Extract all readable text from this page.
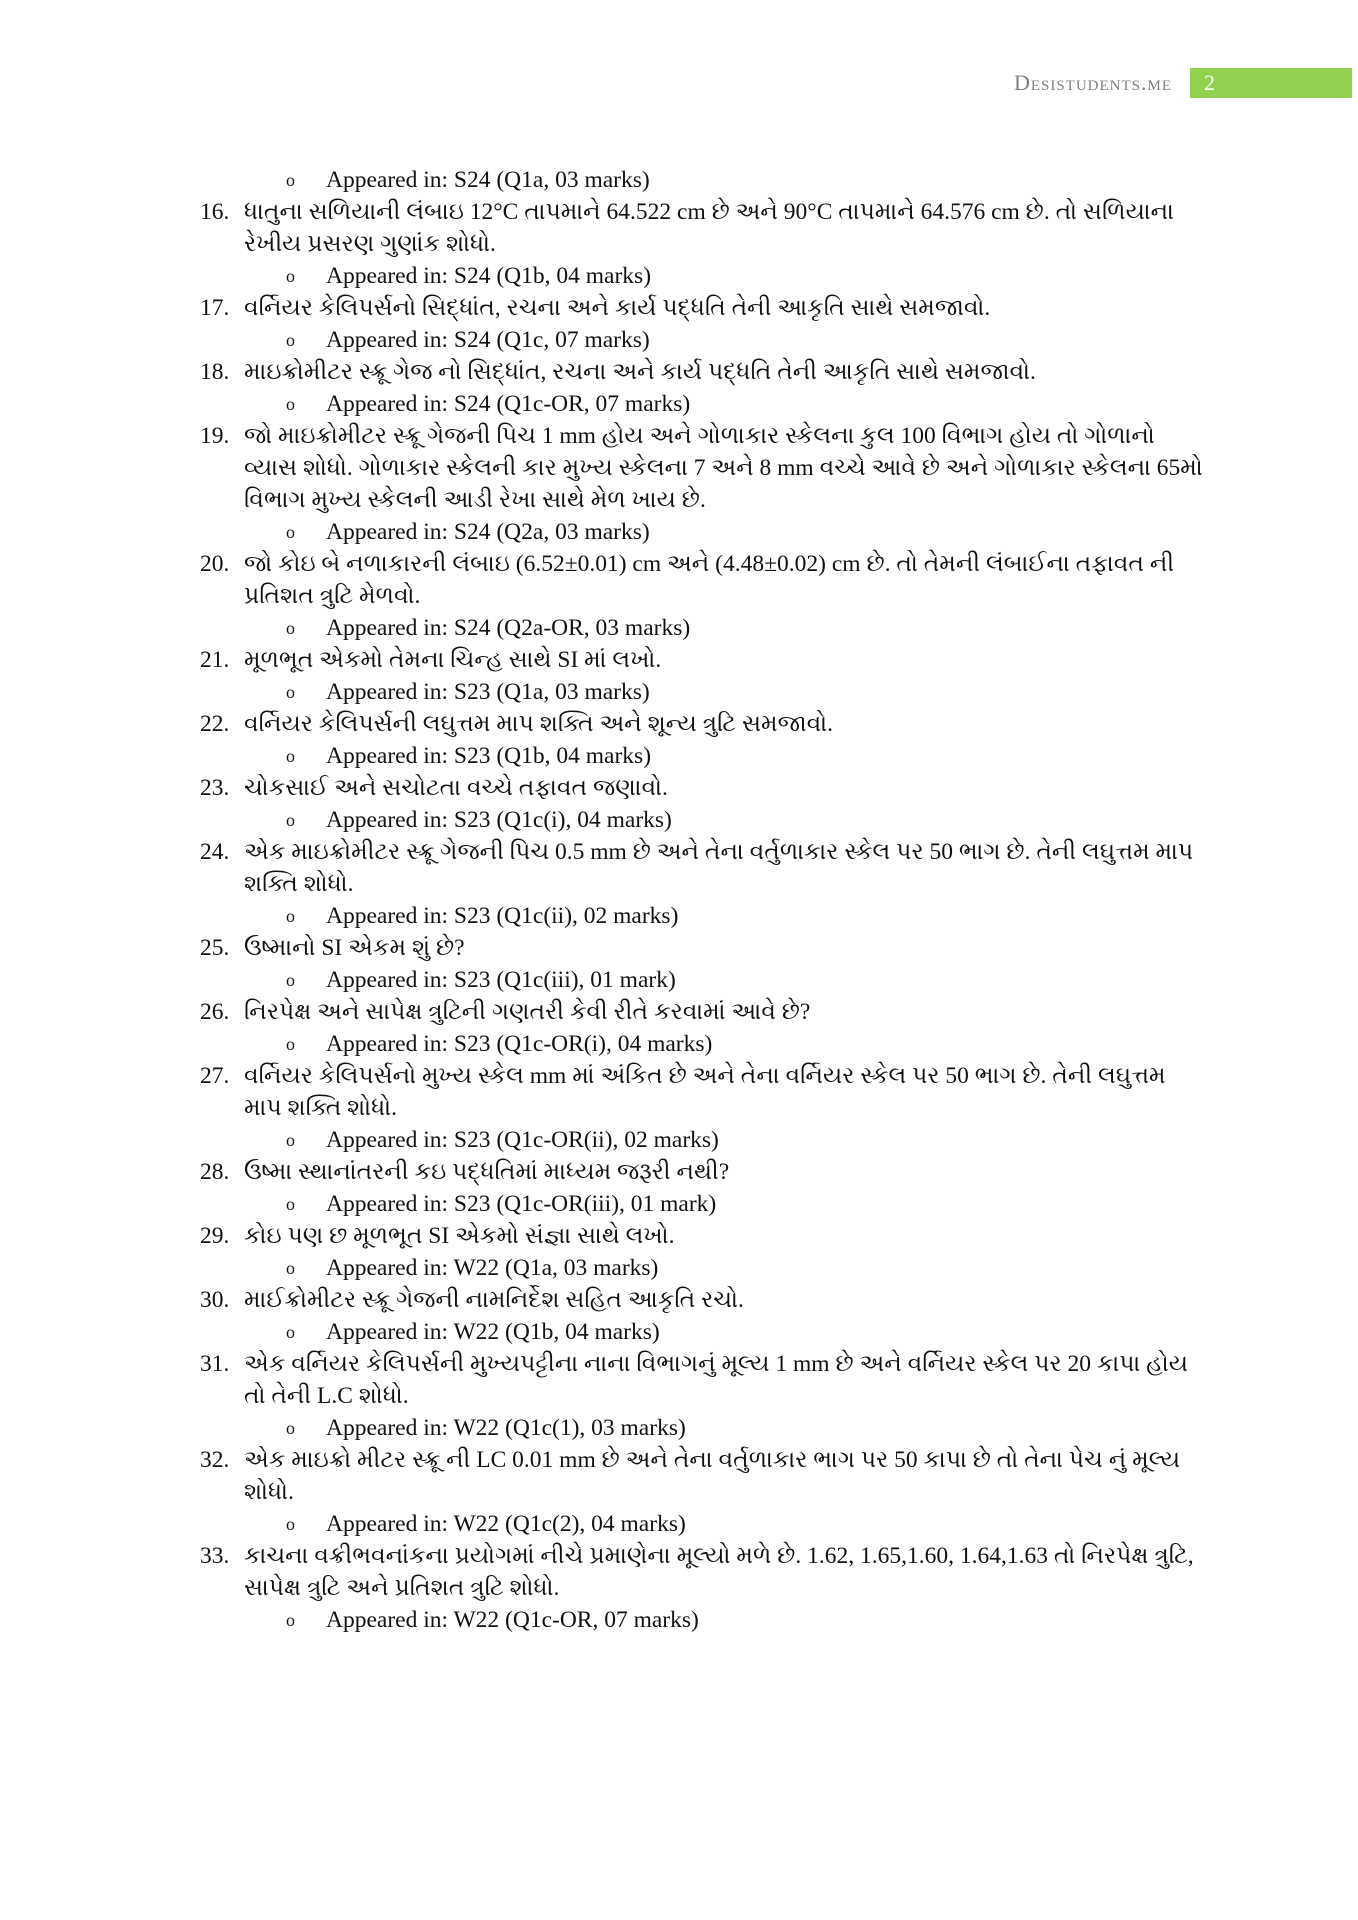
Desistudents.me	2
o Appeared in: S24 (Q1a, 03 marks)
16. ધાતુના સળિયાની લંબાઇ 12°C તાપમાને 64.522 cm છે અને 90°C તાપમાને 64.576 cm છે. તો સળિયાના રેખીય પ્રસરણ ગુણાંક શોધો.
o Appeared in: S24 (Q1b, 04 marks)
17. વર્નિયર કેલિપર્સનો સિદ્ધાંત, રચના અને કાર્ય પદ્ધતિ તેની આકૃતિ સાથે સમજાવો.
o Appeared in: S24 (Q1c, 07 marks)
18. માઇક્રોમીટર સ્ક્રૂ ગેજ નો સિદ્ધાંત, રચના અને કાર્ય પદ્ધતિ તેની આકૃતિ સાથે સમજાવો.
o Appeared in: S24 (Q1c-OR, 07 marks)
19. જો માઇક્રોમીટર સ્ક્રૂ ગેજની પિચ 1 mm હોય અને ગોળાકાર સ્કેલના કુલ 100 વિભાગ હોય તો ગોળાનો વ્યાસ શોધો. ગોળાકાર સ્કેલની કાર મુખ્ય સ્કેલના 7 અને 8 mm વચ્ચે આવે છે અને ગોળાકાર સ્કેલના 65મો વિભાગ મુખ્ય સ્કેલની આડી રેખા સાથે મેળ ખાય છે.
o Appeared in: S24 (Q2a, 03 marks)
20. જો કોઇ બે નળાકારની લંબાઇ (6.52±0.01) cm અને (4.48±0.02) cm છે. તો તેમની લંબાઈના તફાવત ની પ્રતિશત ત્રુટિ મેળવો.
o Appeared in: S24 (Q2a-OR, 03 marks)
21. મૂળભૂત એકમો તેમના ચિન્હ સાથે SI માં લખો.
o Appeared in: S23 (Q1a, 03 marks)
22. વર્નિયર કેલિપર્સની લઘુત્તમ માપ શક્તિ અને શૂન્ય ત્રુટિ સમજાવો.
o Appeared in: S23 (Q1b, 04 marks)
23. ચોકસાઈ અને સચોટતા વચ્ચે તફાવત જણાવો.
o Appeared in: S23 (Q1c(i), 04 marks)
24. એક માઇક્રોમીટર સ્ક્રૂ ગેજની પિચ 0.5 mm છે અને તેના વર્તુળાકાર સ્કેલ પર 50 ભાગ છે. તેની લઘુત્તમ માપ શક્તિ શોધો.
o Appeared in: S23 (Q1c(ii), 02 marks)
25. ઉષ્માનો SI એકમ શું છે?
o Appeared in: S23 (Q1c(iii), 01 mark)
26. નિરપેક્ષ અને સાપેક્ષ ત્રુટિની ગણતરી કેવી રીતે કરવામાં આવે છે?
o Appeared in: S23 (Q1c-OR(i), 04 marks)
27. વર્નિયર કેલિપર્સનો મુખ્ય સ્કેલ mm માં અંકિત છે અને તેના વર્નિયર સ્કેલ પર 50 ભાગ છે. તેની લઘુત્તમ માપ શક્તિ શોધો.
o Appeared in: S23 (Q1c-OR(ii), 02 marks)
28. ઉષ્મા સ્થાનાંતરની કઇ પદ્ધતિમાં માધ્યમ જરૂરી નથી?
o Appeared in: S23 (Q1c-OR(iii), 01 mark)
29. કોઇ પણ છ મૂળભૂત SI એકમો સંજ્ઞા સાથે લખો.
o Appeared in: W22 (Q1a, 03 marks)
30. માઈક્રોમીટર સ્ક્રૂ ગેજની નામનિર્દેશ સહિત આકૃતિ રચો.
o Appeared in: W22 (Q1b, 04 marks)
31. એક વર્નિયર કેલિપર્સની મુખ્યપટ્ટીના નાના વિભાગનું મૂલ્ય 1 mm છે અને વર્નિયર સ્કેલ પર 20 કાપા હોય તો તેની L.C શોધો.
o Appeared in: W22 (Q1c(1), 03 marks)
32. એક માઇક્રો મીટર સ્ક્રૂ ની LC 0.01 mm છે અને તેના વર્તુળાકાર ભાગ પર 50 કાપા છે તો તેના પેચ નું મૂલ્ય શોધો.
o Appeared in: W22 (Q1c(2), 04 marks)
33. કાચના વક્રીભવનાંકના પ્રયોગમાં નીચે પ્રમાણેના મૂલ્યો મળે છે. 1.62, 1.65,1.60, 1.64,1.63 તો નિરપેક્ષ ત્રુટિ, સાપેક્ષ ત્રુટિ અને પ્રતિશત ત્રુટિ શોધો.
o Appeared in: W22 (Q1c-OR, 07 marks)
